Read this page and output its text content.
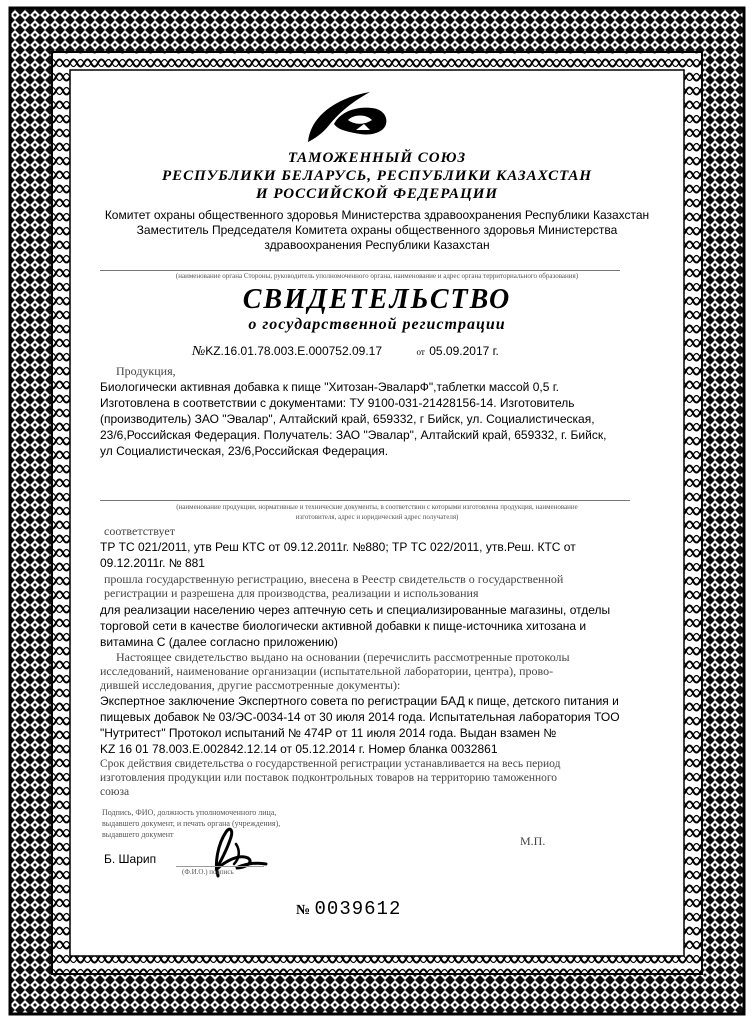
ТАМОЖЕННЫЙ СОЮЗ
РЕСПУБЛИКИ БЕЛАРУСЬ, РЕСПУБЛИКИ КАЗАХСТАН
И РОССИЙСКОЙ ФЕДЕРАЦИИ
Комитет охраны общественного здоровья Министерства здравоохранения Республики Казахстан
Заместитель Председателя Комитета охраны общественного здоровья Министерства
здравоохранения Республики Казахстан
(наименование органа Стороны, руководитель уполномоченного органа, наименование и адрес органа территориального образования)
СВИДЕТЕЛЬСТВО
о государственной регистрации
№KZ.16.01.78.003.E.000752.09.17	от 05.09.2017 г.
Продукция,
Биологически активная добавка к пище "Хитозан-ЭваларФ",таблетки массой 0,5 г.
Изготовлена в соответствии с документами: ТУ 9100-031-21428156-14. Изготовитель
(производитель) ЗАО "Эвалар", Алтайский край, 659332, г Бийск, ул. Социалистическая,
23/6,Российская Федерация. Получатель: ЗАО "Эвалар", Алтайский край, 659332, г. Бийск,
ул Социалистическая, 23/6,Российская Федерация.
(наименование продукции, нормативные и технические документы, в соответствии с которыми изготовлена продукция, наименование
изготовителя, адрес и юридический адрес получателя)
соответствует
ТР ТС 021/2011, утв Реш КТС от 09.12.2011г. №880; ТР ТС 022/2011, утв.Реш. КТС от
09.12.2011г. № 881
прошла государственную регистрацию, внесена в Реестр свидетельств о государственной
регистрации и разрешена для производства, реализации и использования
для реализации населению через аптечную сеть и специализированные магазины, отделы
торговой сети в качестве биологически активной добавки к пище-источника хитозана и
витамина С (далее согласно приложению)
Настоящее свидетельство выдано на основании (перечислить рассмотренные протоколы
исследований, наименование организации (испытательной лаборатории, центра), прово-
дившей исследования, другие рассмотренные документы):
Экспертное заключение Экспертного совета по регистрации БАД к пище, детского питания и
пищевых добавок № 03/ЭС-0034-14 от 30 июля 2014 года. Испытательная лаборатория ТОО
"Нутритест" Протокол испытаний № 474Р от 11 июля 2014 года. Выдан взамен №
KZ 16 01 78.003.E.002842.12.14 от 05.12.2014 г. Номер бланка 0032861
Срок действия свидетельства о государственной регистрации устанавливается на весь период
изготовления продукции или поставок подконтрольных товаров на территорию таможенного
союза
Подпись, ФИО, должность уполномоченного лица,
выдавшего документ, и печать органа (учреждения),
выдавшего документ	М.П.
Б. Шарип
(Ф.И.О.) подпись
№ 0039612
